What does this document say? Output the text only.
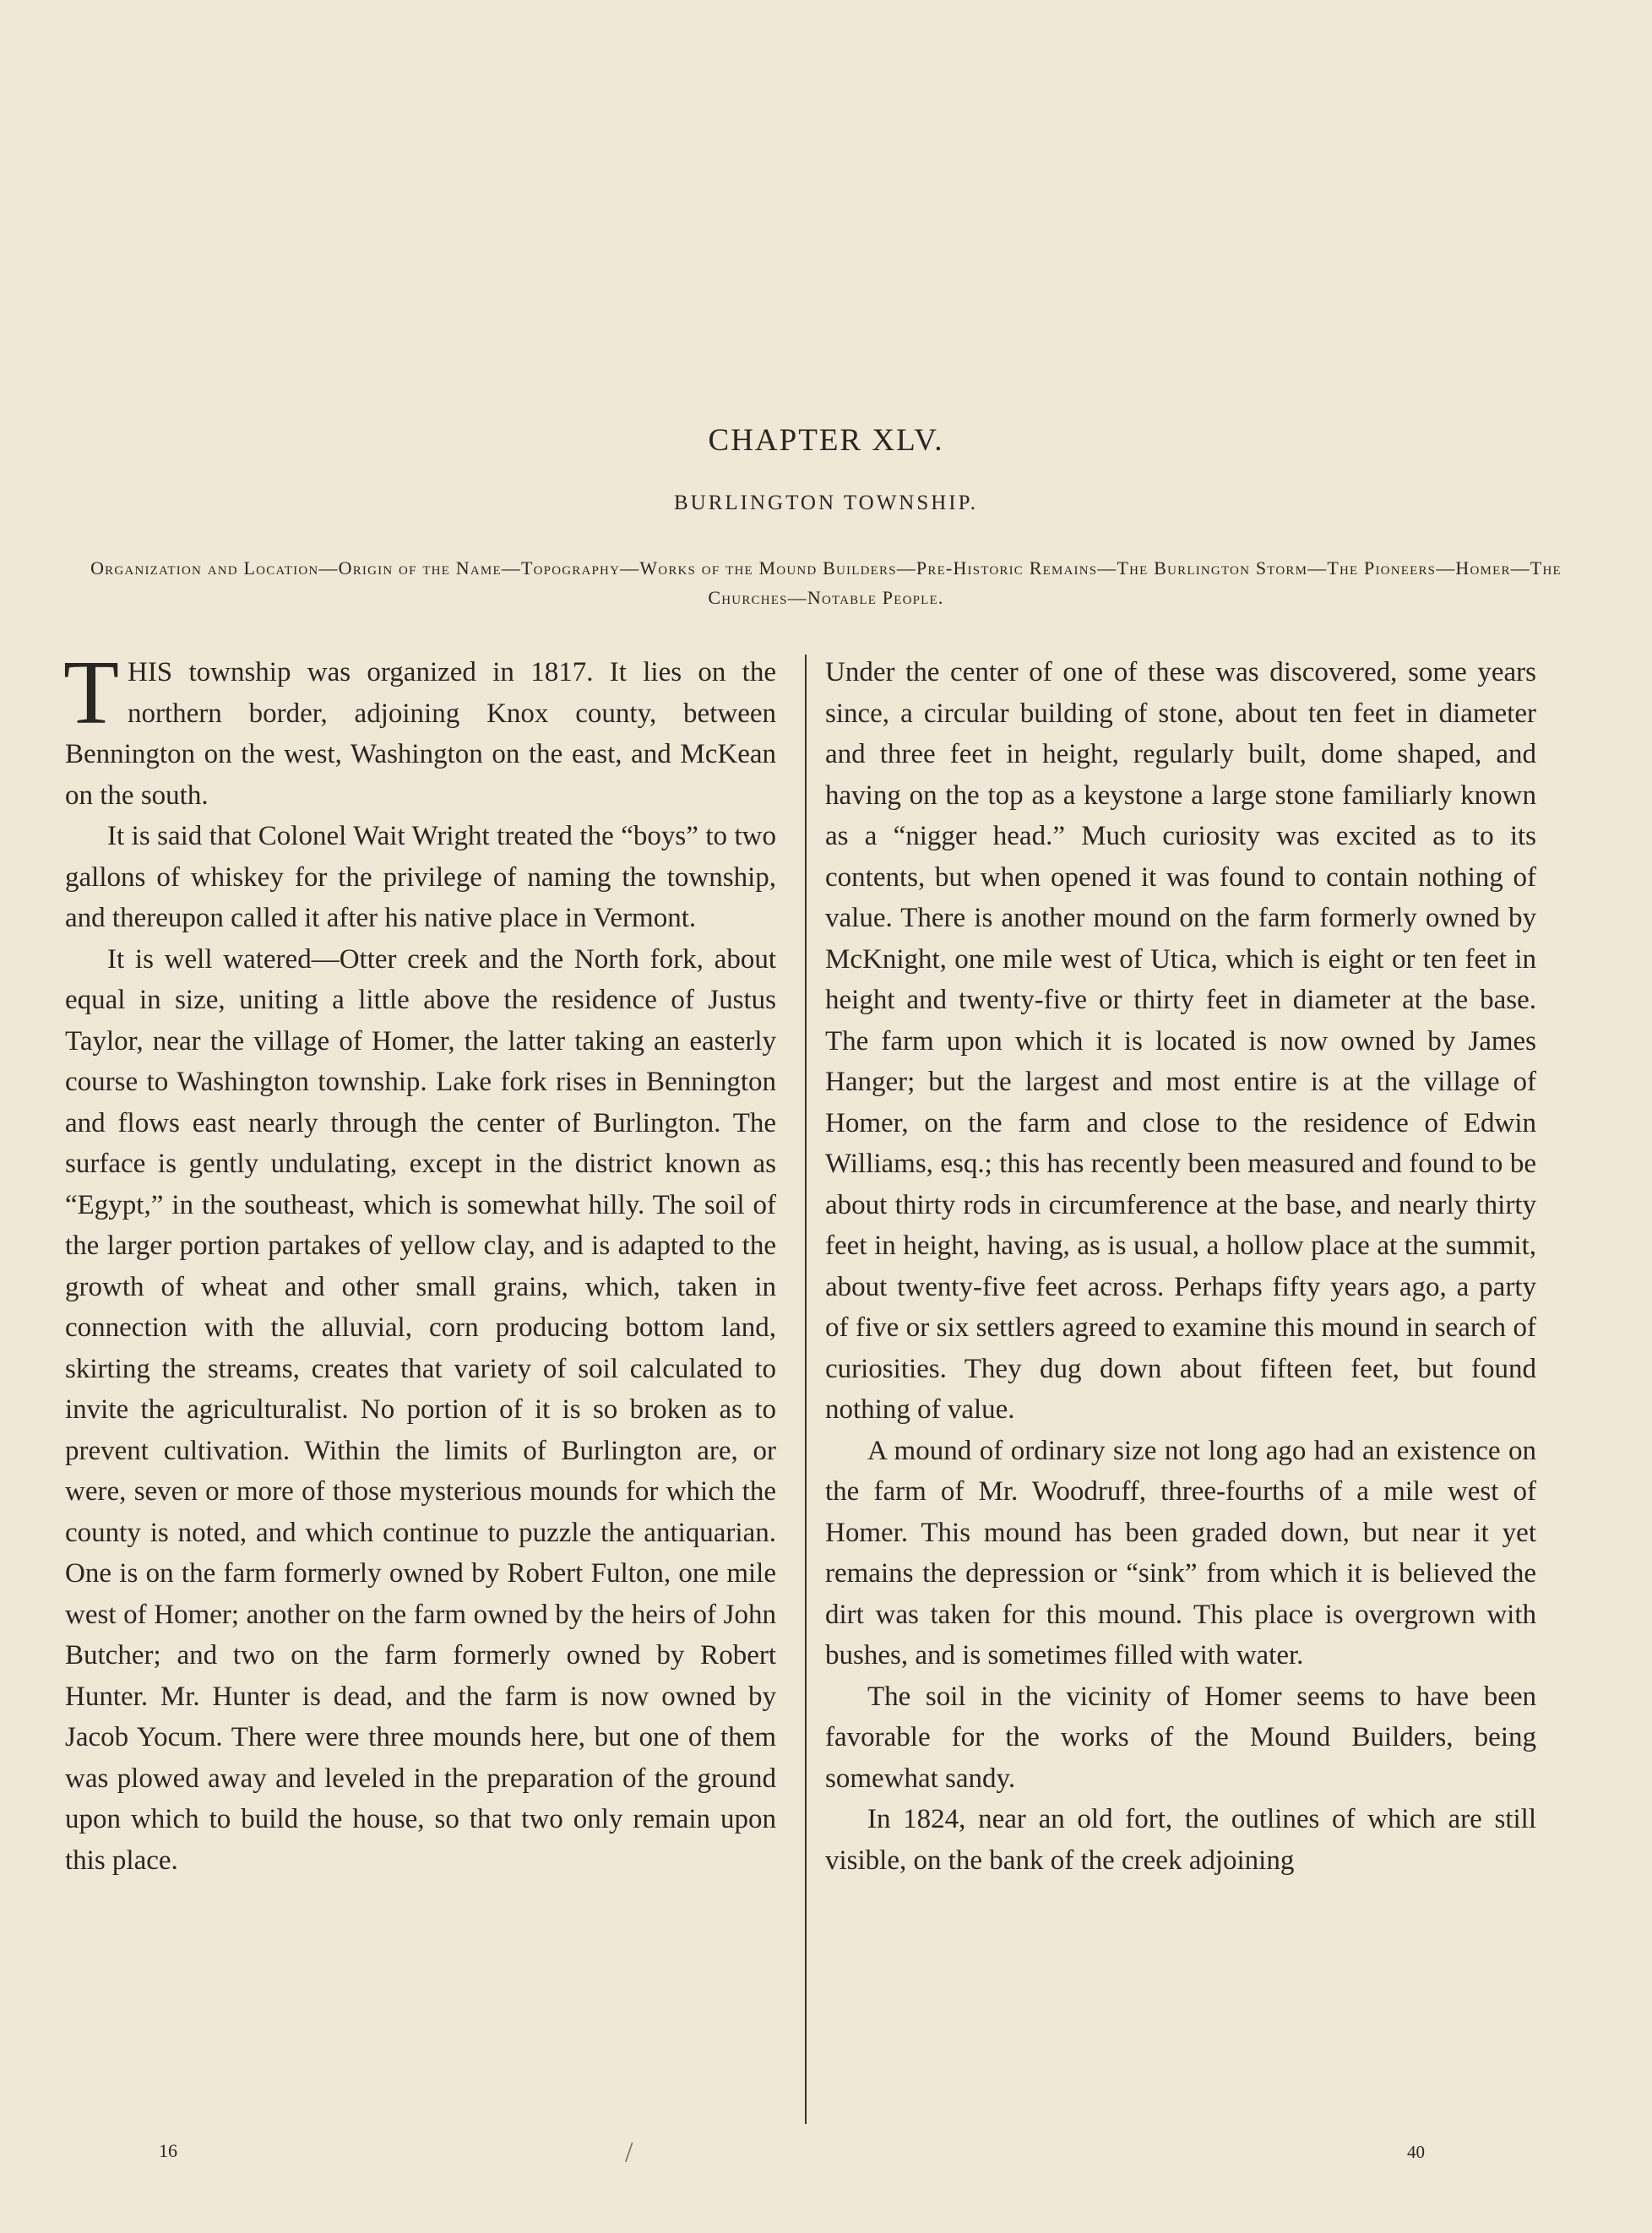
CHAPTER XLV.
BURLINGTON TOWNSHIP.
Organization and Location—Origin of the Name—Topography—Works of the Mound Builders—Pre-Historic Remains—The Burlington Storm—The Pioneers—Homer—The Churches—Notable People.

THIS township was organized in 1817. It lies on the northern border, adjoining Knox county, between Bennington on the west, Washington on the east, and McKean on the south.

It is said that Colonel Wait Wright treated the “boys” to two gallons of whiskey for the privilege of naming the township, and thereupon called it after his native place in Vermont.

It is well watered—Otter creek and the North fork, about equal in size, uniting a little above the residence of Justus Taylor, near the village of Homer, the latter taking an easterly course to Washington township. Lake fork rises in Bennington and flows east nearly through the center of Burlington. The surface is gently undulating, except in the district known as “Egypt,” in the southeast, which is somewhat hilly. The soil of the larger portion partakes of yellow clay, and is adapted to the growth of wheat and other small grains, which, taken in connection with the alluvial, corn producing bottom land, skirting the streams, creates that variety of soil calculated to invite the agriculturalist. No portion of it is so broken as to prevent cultivation. Within the limits of Burlington are, or were, seven or more of those mysterious mounds for which the county is noted, and which continue to puzzle the antiquarian. One is on the farm formerly owned by Robert Fulton, one mile west of Homer; another on the farm owned by the heirs of John Butcher; and two on the farm formerly owned by Robert Hunter. Mr. Hunter is dead, and the farm is now owned by Jacob Yocum. There were three mounds here, but one of them was plowed away and leveled in the preparation of the ground upon which to build the house, so that two only remain upon this place.

Under the center of one of these was discovered, some years since, a circular building of stone, about ten feet in diameter and three feet in height, regularly built, dome shaped, and having on the top as a keystone a large stone familiarly known as a “nigger head.” Much curiosity was excited as to its contents, but when opened it was found to contain nothing of value. There is another mound on the farm formerly owned by McKnight, one mile west of Utica, which is eight or ten feet in height and twenty-five or thirty feet in diameter at the base. The farm upon which it is located is now owned by James Hanger; but the largest and most entire is at the village of Homer, on the farm and close to the residence of Edwin Williams, esq.; this has recently been measured and found to be about thirty rods in circumference at the base, and nearly thirty feet in height, having, as is usual, a hollow place at the summit, about twenty-five feet across. Perhaps fifty years ago, a party of five or six settlers agreed to examine this mound in search of curiosities. They dug down about fifteen feet, but found nothing of value.

A mound of ordinary size not long ago had an existence on the farm of Mr. Woodruff, three-fourths of a mile west of Homer. This mound has been graded down, but near it yet remains the depression or “sink” from which it is believed the dirt was taken for this mound. This place is overgrown with bushes, and is sometimes filled with water.

The soil in the vicinity of Homer seems to have been favorable for the works of the Mound Builders, being somewhat sandy.

In 1824, near an old fort, the outlines of which are still visible, on the bank of the creek adjoining

16	/	40
